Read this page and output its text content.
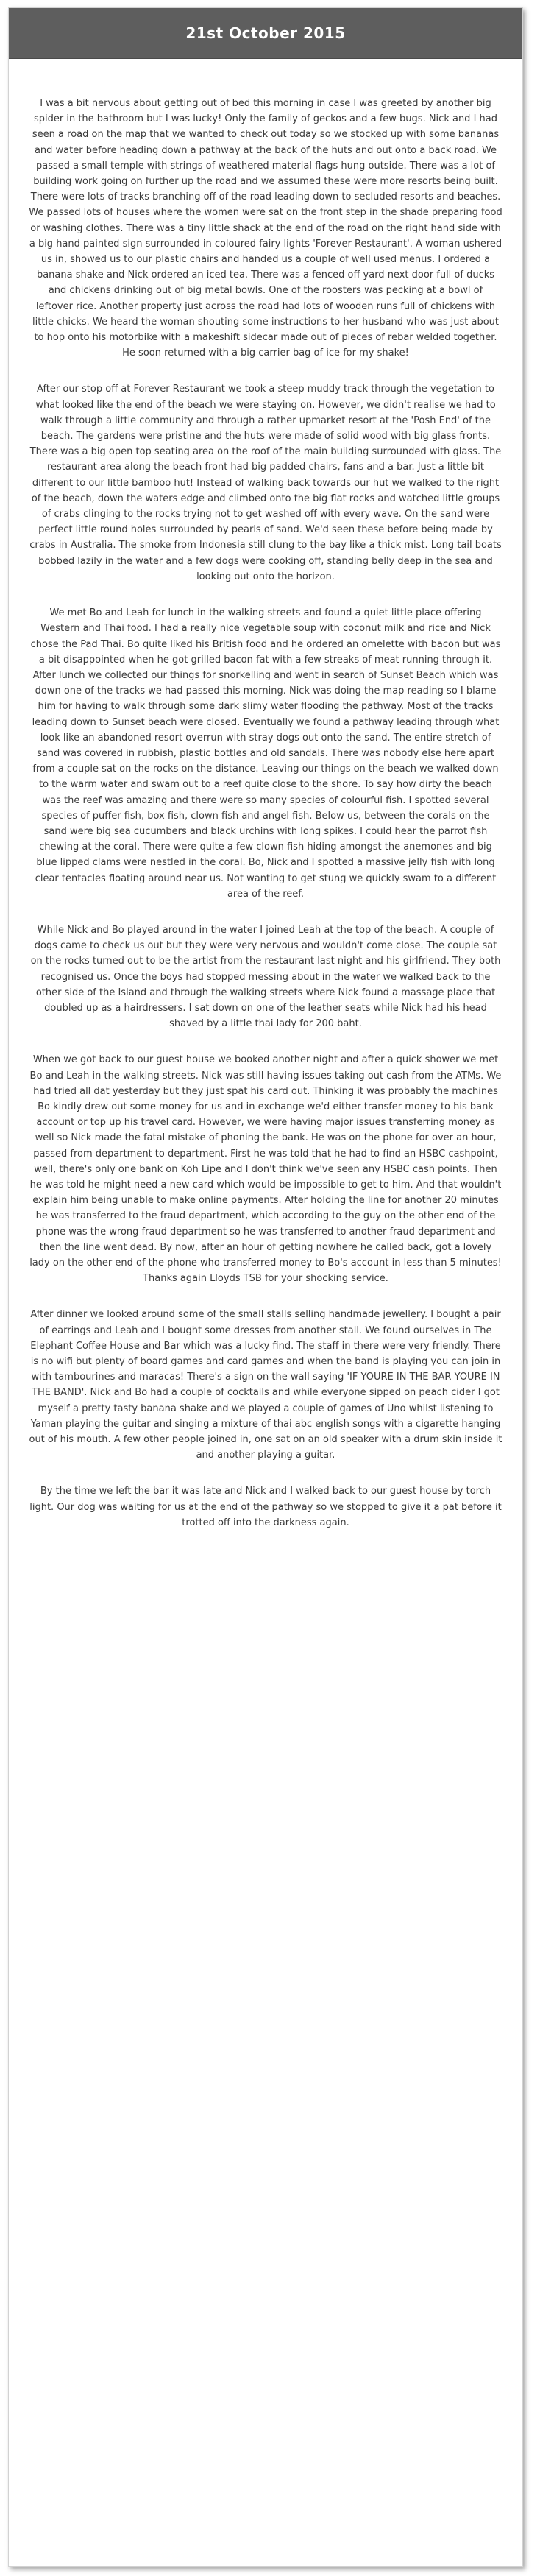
21st October 2015

I was a bit nervous about getting out of bed this morning in case I was greeted by another big spider in the bathroom but I was lucky! Only the family of geckos and a few bugs. Nick and I had seen a road on the map that we wanted to check out today so we stocked up with some bananas and water before heading down a pathway at the back of the huts and out onto a back road. We passed a small temple with strings of weathered material flags hung outside. There was a lot of building work going on further up the road and we assumed these were more resorts being built. There were lots of tracks branching off of the road leading down to secluded resorts and beaches. We passed lots of houses where the women were sat on the front step in the shade preparing food or washing clothes. There was a tiny little shack at the end of the road on the right hand side with a big hand painted sign surrounded in coloured fairy lights 'Forever Restaurant'. A woman ushered us in, showed us to our plastic chairs and handed us a couple of well used menus. I ordered a banana shake and Nick ordered an iced tea. There was a fenced off yard next door full of ducks and chickens drinking out of big metal bowls. One of the roosters was pecking at a bowl of leftover rice. Another property just across the road had lots of wooden runs full of chickens with little chicks. We heard the woman shouting some instructions to her husband who was just about to hop onto his motorbike with a makeshift sidecar made out of pieces of rebar welded together. He soon returned with a big carrier bag of ice for my shake!

After our stop off at Forever Restaurant we took a steep muddy track through the vegetation to what looked like the end of the beach we were staying on. However, we didn't realise we had to walk through a little community and through a rather upmarket resort at the 'Posh End' of the beach. The gardens were pristine and the huts were made of solid wood with big glass fronts. There was a big open top seating area on the roof of the main building surrounded with glass. The restaurant area along the beach front had big padded chairs, fans and a bar. Just a little bit different to our little bamboo hut! Instead of walking back towards our hut we walked to the right of the beach, down the waters edge and climbed onto the big flat rocks and watched little groups of crabs clinging to the rocks trying not to get washed off with every wave. On the sand were perfect little round holes surrounded by pearls of sand. We'd seen these before being made by crabs in Australia. The smoke from Indonesia still clung to the bay like a thick mist. Long tail boats bobbed lazily in the water and a few dogs were cooking off, standing belly deep in the sea and looking out onto the horizon.

We met Bo and Leah for lunch in the walking streets and found a quiet little place offering Western and Thai food. I had a really nice vegetable soup with coconut milk and rice and Nick chose the Pad Thai. Bo quite liked his British food and he ordered an omelette with bacon but was a bit disappointed when he got grilled bacon fat with a few streaks of meat running through it. After lunch we collected our things for snorkelling and went in search of Sunset Beach which was down one of the tracks we had passed this morning. Nick was doing the map reading so I blame him for having to walk through some dark slimy water flooding the pathway. Most of the tracks leading down to Sunset beach were closed. Eventually we found a pathway leading through what look like an abandoned resort overrun with stray dogs out onto the sand. The entire stretch of sand was covered in rubbish, plastic bottles and old sandals. There was nobody else here apart from a couple sat on the rocks on the distance. Leaving our things on the beach we walked down to the warm water and swam out to a reef quite close to the shore. To say how dirty the beach was the reef was amazing and there were so many species of colourful fish. I spotted several species of puffer fish, box fish, clown fish and angel fish. Below us, between the corals on the sand were big sea cucumbers and black urchins with long spikes. I could hear the parrot fish chewing at the coral. There were quite a few clown fish hiding amongst the anemones and big blue lipped clams were nestled in the coral. Bo, Nick and I spotted a massive jelly fish with long clear tentacles floating around near us. Not wanting to get stung we quickly swam to a different area of the reef.

While Nick and Bo played around in the water I joined Leah at the top of the beach. A couple of dogs came to check us out but they were very nervous and wouldn't come close. The couple sat on the rocks turned out to be the artist from the restaurant last night and his girlfriend. They both recognised us. Once the boys had stopped messing about in the water we walked back to the other side of the Island and through the walking streets where Nick found a massage place that doubled up as a hairdressers. I sat down on one of the leather seats while Nick had his head shaved by a little thai lady for 200 baht.

When we got back to our guest house we booked another night and after a quick shower we met Bo and Leah in the walking streets. Nick was still having issues taking out cash from the ATMs. We had tried all dat yesterday but they just spat his card out. Thinking it was probably the machines Bo kindly drew out some money for us and in exchange we'd either transfer money to his bank account or top up his travel card. However, we were having major issues transferring money as well so Nick made the fatal mistake of phoning the bank. He was on the phone for over an hour, passed from department to department. First he was told that he had to find an HSBC cashpoint, well, there's only one bank on Koh Lipe and I don't think we've seen any HSBC cash points. Then he was told he might need a new card which would be impossible to get to him. And that wouldn't explain him being unable to make online payments. After holding the line for another 20 minutes he was transferred to the fraud department, which according to the guy on the other end of the phone was the wrong fraud department so he was transferred to another fraud department and then the line went dead. By now, after an hour of getting nowhere he called back, got a lovely lady on the other end of the phone who transferred money to Bo's account in less than 5 minutes! Thanks again Lloyds TSB for your shocking service.

After dinner we looked around some of the small stalls selling handmade jewellery. I bought a pair of earrings and Leah and I bought some dresses from another stall. We found ourselves in The Elephant Coffee House and Bar which was a lucky find. The staff in there were very friendly. There is no wifi but plenty of board games and card games and when the band is playing you can join in with tambourines and maracas! There's a sign on the wall saying 'IF YOURE IN THE BAR YOURE IN THE BAND'. Nick and Bo had a couple of cocktails and while everyone sipped on peach cider I got myself a pretty tasty banana shake and we played a couple of games of Uno whilst listening to Yaman playing the guitar and singing a mixture of thai abc english songs with a cigarette hanging out of his mouth. A few other people joined in, one sat on an old speaker with a drum skin inside it and another playing a guitar.

By the time we left the bar it was late and Nick and I walked back to our guest house by torch light. Our dog was waiting for us at the end of the pathway so we stopped to give it a pat before it trotted off into the darkness again.
